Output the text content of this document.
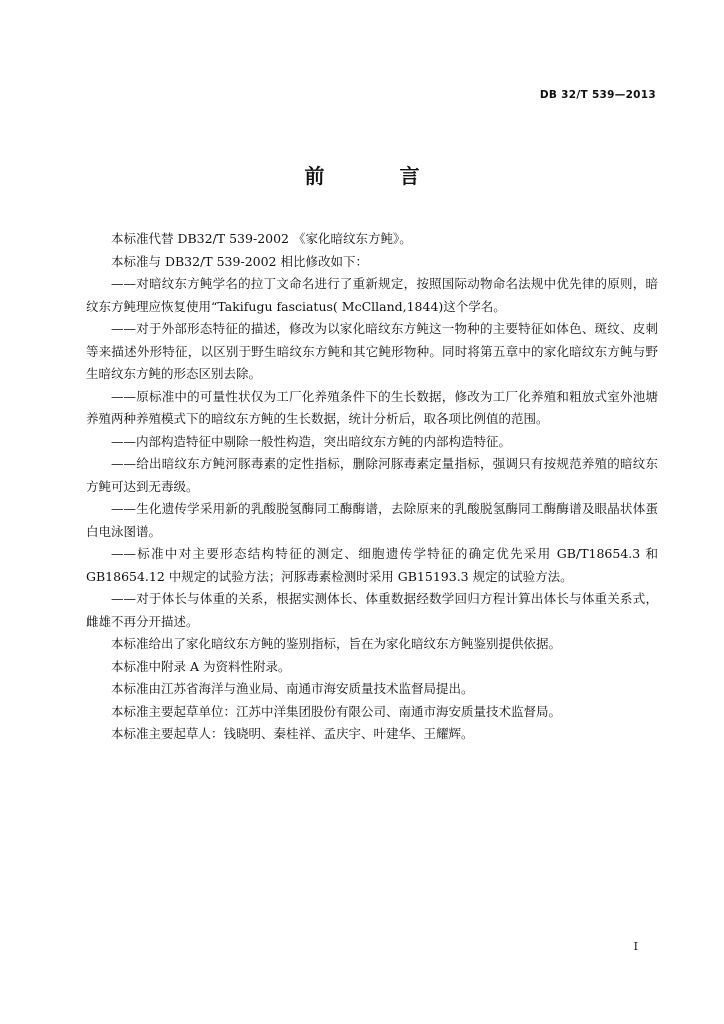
DB 32/T 539—2013
前 言

本标准代替 DB32/T 539-2002 《家化暗纹东方鲀》。

本标准与 DB32/T 539-2002 相比修改如下：

——对暗纹东方鲀学名的拉丁文命名进行了重新规定，按照国际动物命名法规中优先律的原则，暗纹东方鲀理应恢复使用“Takifugu fasciatus( McClland,1844)这个学名。

——对于外部形态特征的描述，修改为以家化暗纹东方鲀这一物种的主要特征如体色、斑纹、皮刺等来描述外形特征，以区别于野生暗纹东方鲀和其它鲀形物种。同时将第五章中的家化暗纹东方鲀与野生暗纹东方鲀的形态区别去除。

——原标准中的可量性状仅为工厂化养殖条件下的生长数据，修改为工厂化养殖和粗放式室外池塘养殖两种养殖模式下的暗纹东方鲀的生长数据，统计分析后，取各项比例值的范围。

——内部构造特征中剔除一般性构造，突出暗纹东方鲀的内部构造特征。

——给出暗纹东方鲀河豚毒素的定性指标，删除河豚毒素定量指标，强调只有按规范养殖的暗纹东方鲀可达到无毒级。

——生化遗传学采用新的乳酸脱氢酶同工酶酶谱，去除原来的乳酸脱氢酶同工酶酶谱及眼晶状体蛋白电泳图谱。

——标准中对主要形态结构特征的测定、细胞遗传学特征的确定优先采用 GB/T18654.3 和 GB18654.12 中规定的试验方法；河豚毒素检测时采用 GB15193.3 规定的试验方法。

——对于体长与体重的关系，根据实测体长、体重数据经数学回归方程计算出体长与体重关系式，雌雄不再分开描述。

本标准给出了家化暗纹东方鲀的鉴别指标，旨在为家化暗纹东方鲀鉴别提供依据。

本标准中附录 A 为资料性附录。

本标准由江苏省海洋与渔业局、南通市海安质量技术监督局提出。

本标准主要起草单位：江苏中洋集团股份有限公司、南通市海安质量技术监督局。

本标准主要起草人：钱晓明、秦桂祥、孟庆宇、叶建华、王耀辉。

I
